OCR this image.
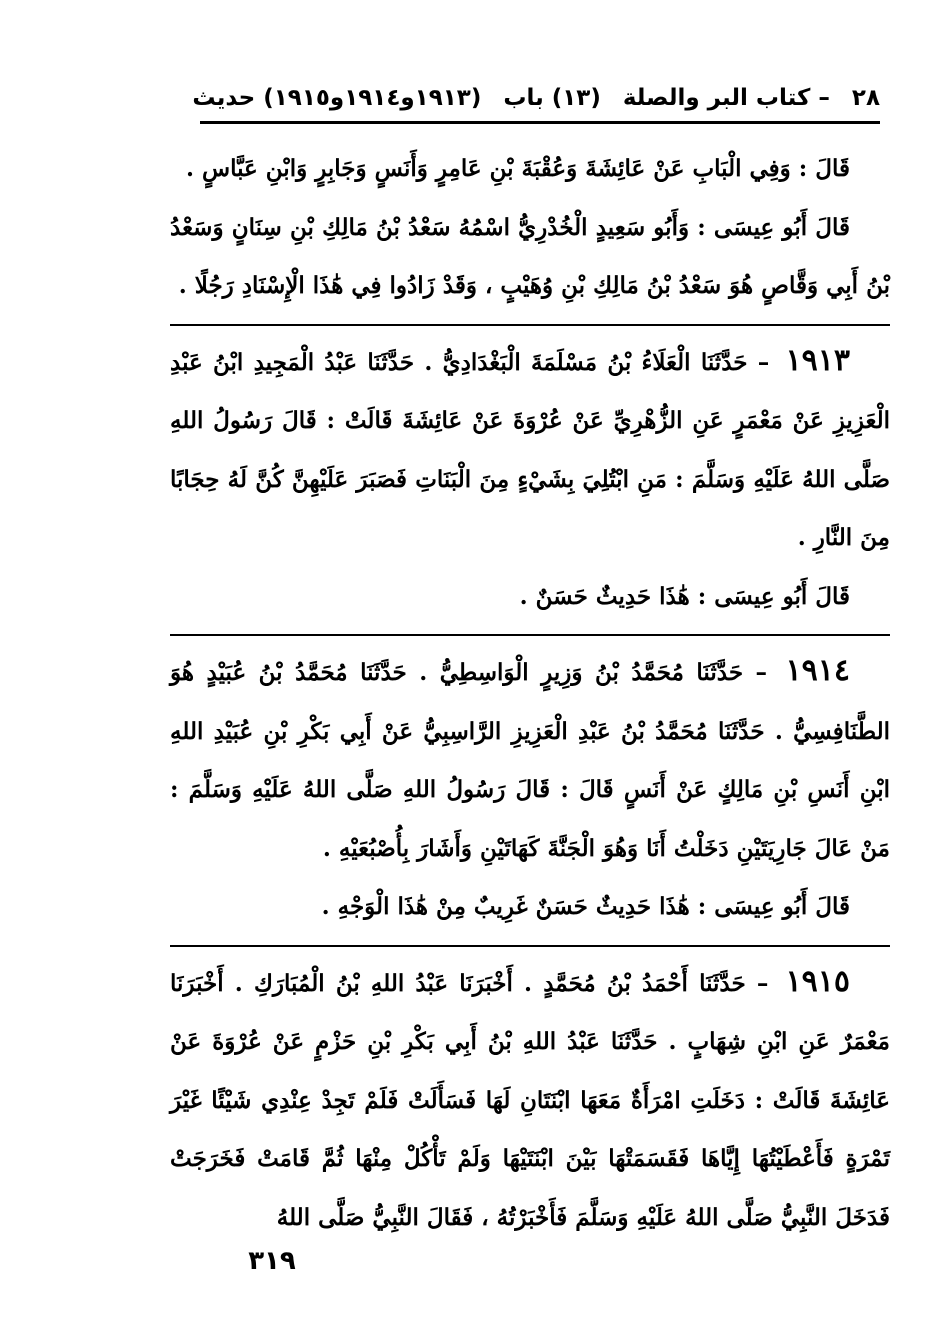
٢٨
– كتاب البر والصلة
(١٣) باب
(١٩١٣و١٩١٤و١٩١٥) حديث

قَالَ : وَفِي الْبَابِ عَنْ عَائِشَةَ وَعُقْبَةَ بْنِ عَامِرٍ وَأَنَسٍ وَجَابِرٍ وَابْنِ عَبَّاسٍ .

قَالَ أَبُو عِيسَى : وَأَبُو سَعِيدٍ الْخُدْرِيُّ اسْمُهُ سَعْدُ بْنُ مَالِكِ بْنِ سِنَانٍ وَسَعْدُ بْنُ أَبِي وَقَّاصٍ هُوَ سَعْدُ بْنُ مَالِكِ بْنِ وُهَيْبٍ ، وَقَدْ زَادُوا فِي هَٰذَا الْإِسْنَادِ رَجُلًا .

١٩١٣ – حَدَّثَنَا الْعَلَاءُ بْنُ مَسْلَمَةَ الْبَغْدَادِيُّ . حَدَّثَنَا عَبْدُ الْمَجِيدِ ابْنُ عَبْدِ الْعَزِيزِ عَنْ مَعْمَرٍ عَنِ الزُّهْرِيِّ عَنْ عُرْوَةَ عَنْ عَائِشَةَ قَالَتْ : قَالَ رَسُولُ اللهِ صَلَّى اللهُ عَلَيْهِ وَسَلَّمَ : مَنِ ابْتُلِيَ بِشَيْءٍ مِنَ الْبَنَاتِ فَصَبَرَ عَلَيْهِنَّ كُنَّ لَهُ حِجَابًا مِنَ النَّارِ .

قَالَ أَبُو عِيسَى : هَٰذَا حَدِيثٌ حَسَنٌ .

١٩١٤ – حَدَّثَنَا مُحَمَّدُ بْنُ وَزِيرٍ الْوَاسِطِيُّ . حَدَّثَنَا مُحَمَّدُ بْنُ عُبَيْدٍ هُوَ الطَّنَافِسِيُّ . حَدَّثَنَا مُحَمَّدُ بْنُ عَبْدِ الْعَزِيزِ الرَّاسِبِيُّ عَنْ أَبِي بَكْرِ بْنِ عُبَيْدِ اللهِ ابْنِ أَنَسِ بْنِ مَالِكٍ عَنْ أَنَسٍ قَالَ : قَالَ رَسُولُ اللهِ صَلَّى اللهُ عَلَيْهِ وَسَلَّمَ : مَنْ عَالَ جَارِيَتَيْنِ دَخَلْتُ أَنَا وَهُوَ الْجَنَّةَ كَهَاتَيْنِ وَأَشَارَ بِأُصْبُعَيْهِ .

قَالَ أَبُو عِيسَى : هَٰذَا حَدِيثٌ حَسَنٌ غَرِيبٌ مِنْ هَٰذَا الْوَجْهِ .

١٩١٥ – حَدَّثَنَا أَحْمَدُ بْنُ مُحَمَّدٍ . أَخْبَرَنَا عَبْدُ اللهِ بْنُ الْمُبَارَكِ . أَخْبَرَنَا مَعْمَرٌ عَنِ ابْنِ شِهَابٍ . حَدَّثَنَا عَبْدُ اللهِ بْنُ أَبِي بَكْرِ بْنِ حَزْمٍ عَنْ عُرْوَةَ عَنْ عَائِشَةَ قَالَتْ : دَخَلَتِ امْرَأَةٌ مَعَهَا ابْنَتَانِ لَهَا فَسَأَلَتْ فَلَمْ تَجِدْ عِنْدِي شَيْئًا غَيْرَ تَمْرَةٍ فَأَعْطَيْتُهَا إِيَّاهَا فَقَسَمَتْهَا بَيْنَ ابْنَتَيْهَا وَلَمْ تَأْكُلْ مِنْهَا ثُمَّ قَامَتْ فَخَرَجَتْ فَدَخَلَ النَّبِيُّ صَلَّى اللهُ عَلَيْهِ وَسَلَّمَ فَأَخْبَرْتُهُ ، فَقَالَ النَّبِيُّ صَلَّى اللهُ

٣١٩
